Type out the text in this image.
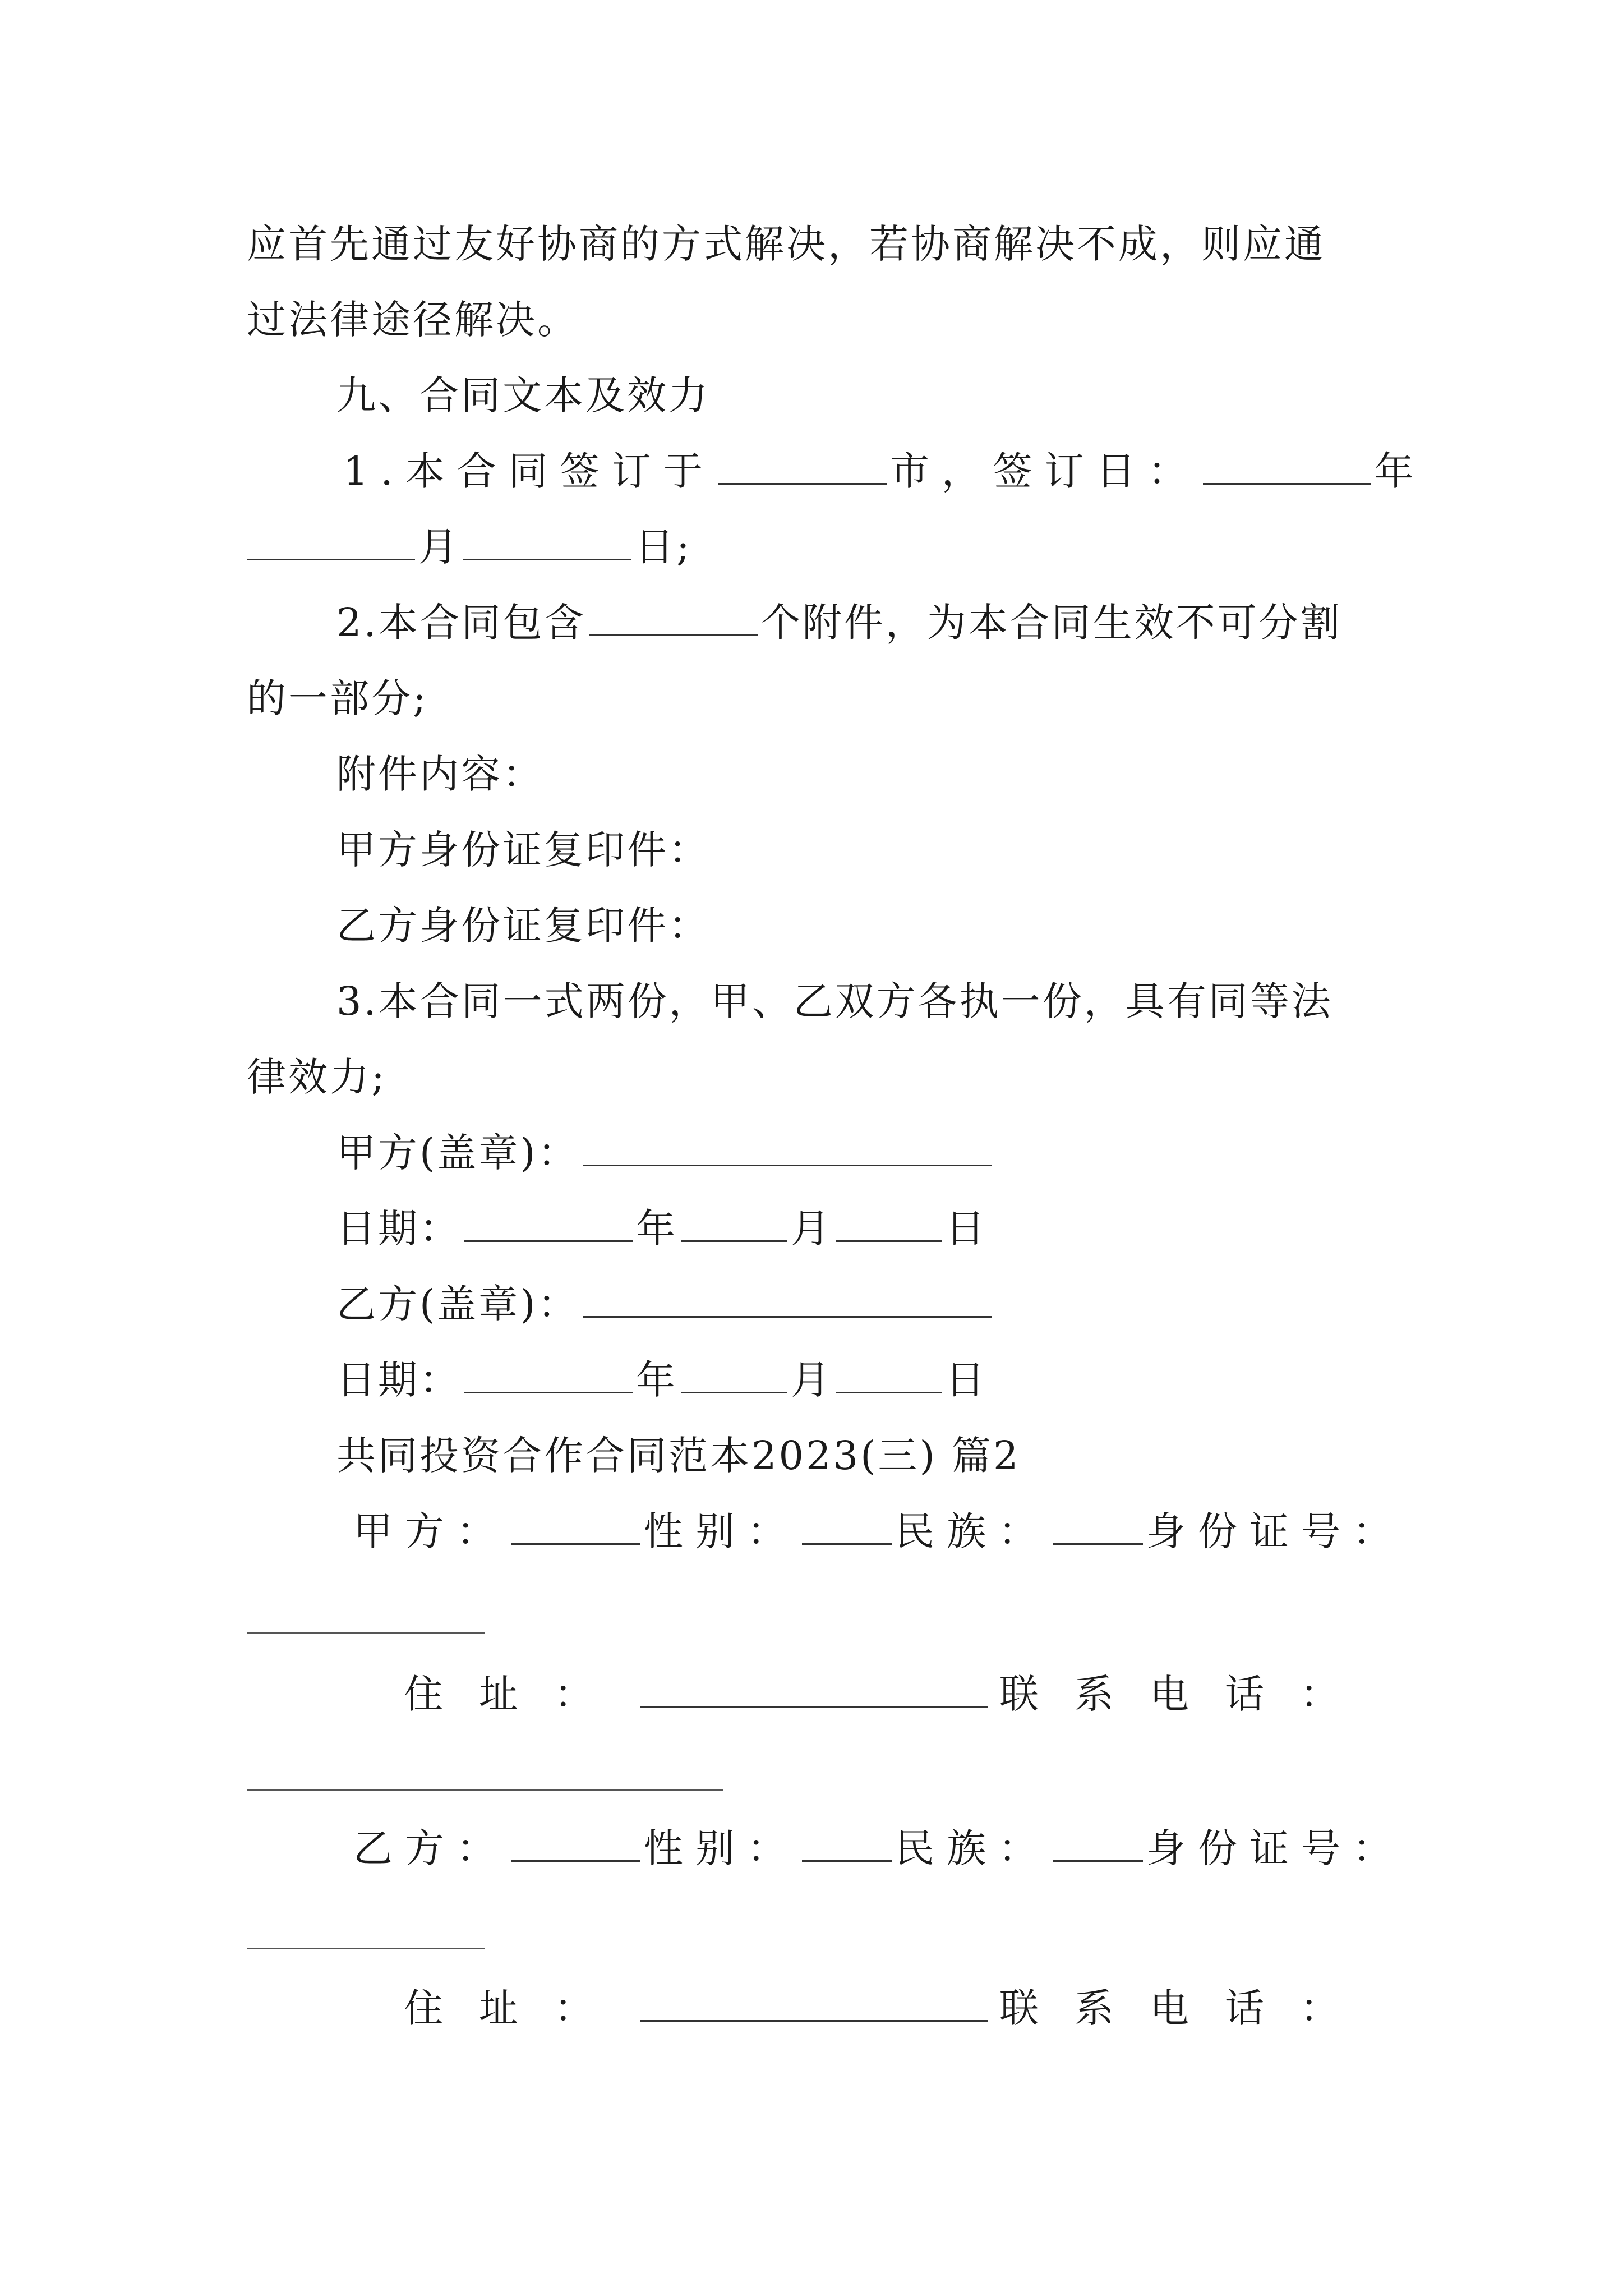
应首先通过友好协商的方式解决，若协商解决不成，则应通
过法律途径解决。
九、合同文本及效力
1.本合同签订于	市，签订日：	年
月	日;
2.本合同包含	个附件，为本合同生效不可分割
的一部分;
附件内容：
甲方身份证复印件：
乙方身份证复印件：
3.本合同一式两份，甲、乙双方各执一份，具有同等法
律效力;
甲方(盖章)：
日期：	年	月	日
乙方(盖章)：
日期：	年	月	日
共同投资合作合同范本2023(三) 篇2
甲方：	性别： 民族： 身份证号：
住址：	联系电话：
乙方：	性别： 民族： 身份证号：
住址：	联系电话：
